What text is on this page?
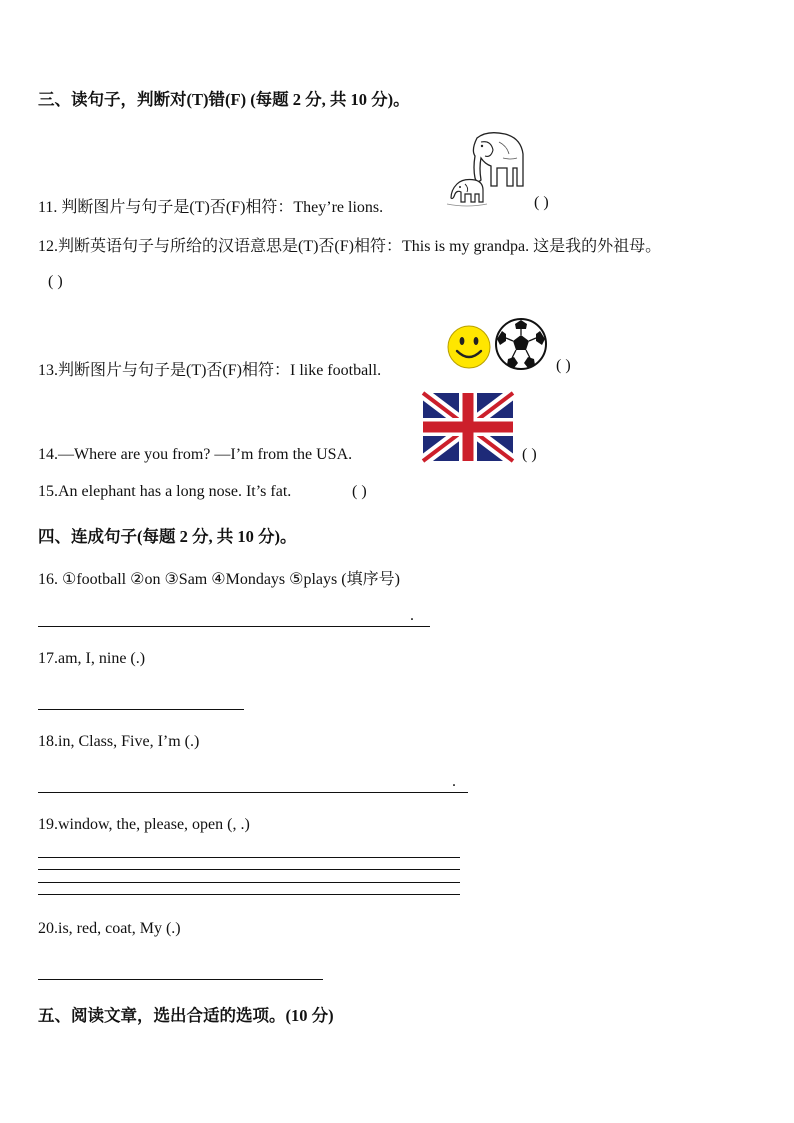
三、读句子，判断对(T)错(F) (每题 2 分, 共 10 分)。
11. 判断图片与句子是(T)否(F)相符：They’re lions.	( )
12.判断英语句子与所给的汉语意思是(T)否(F)相符：This is my grandpa. 这是我的外祖母。
( )
13.判断图片与句子是(T)否(F)相符：I like football.	( )
14.—Where are you from? —I’m from the USA.	( )
15.An elephant has a long nose. It’s fat.	( )
四、连成句子(每题 2 分, 共 10 分)。
16. ①football ②on ③Sam ④Mondays ⑤plays (填序号)
.
17.am, I, nine (.)
18.in, Class, Five, I’m (.)
.
19.window, the, please, open (, .)
20.is, red, coat, My (.)
五、阅读文章，选出合适的选项。(10 分)
